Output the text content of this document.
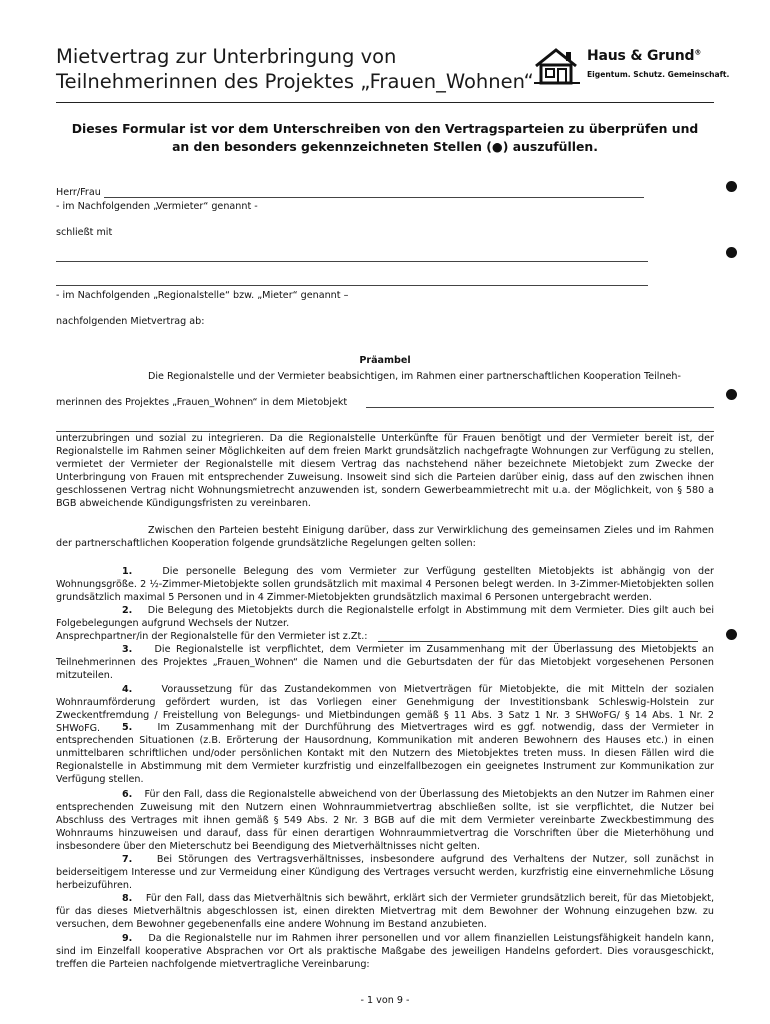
Mietvertrag zur Unterbringung von
Teilnehmerinnen des Projektes „Frauen_Wohnen“
Haus & Grund®
Eigentum. Schutz. Gemeinschaft.
Dieses Formular ist vor dem Unterschreiben von den Vertragsparteien zu überprüfen und
an den besonders gekennzeichneten Stellen (●) auszufüllen.
Herr/Frau
- im Nachfolgenden „Vermieter“ genannt -
schließt mit
- im Nachfolgenden „Regionalstelle“ bzw. „Mieter“ genannt –
nachfolgenden Mietvertrag ab:
Präambel
Die Regionalstelle und der Vermieter beabsichtigen, im Rahmen einer partnerschaftlichen Kooperation Teilneh-
merinnen des Projektes „Frauen_Wohnen“ in dem Mietobjekt
unterzubringen und sozial zu integrieren. Da die Regionalstelle Unterkünfte für Frauen benötigt und der Vermieter bereit ist, der Regionalstelle im Rahmen seiner Möglichkeiten auf dem freien Markt grundsätzlich nachgefragte Wohnungen zur Verfügung zu stellen, vermietet der Vermieter der Regionalstelle mit diesem Vertrag das nachstehend näher bezeichnete Mietobjekt zum Zwecke der Unterbringung von Frauen mit entsprechender Zuweisung. Insoweit sind sich die Parteien darüber einig, dass auf den zwischen ihnen geschlossenen Vertrag nicht Wohnungsmietrecht anzuwenden ist, sondern Gewerbeammietrecht mit u.a. der Möglichkeit, von § 580 a BGB abweichende Kündigungsfristen zu vereinbaren.
Zwischen den Parteien besteht Einigung darüber, dass zur Verwirklichung des gemeinsamen Zieles und im Rahmen der partnerschaftlichen Kooperation folgende grundsätzliche Regelungen gelten sollen:
1.	Die personelle Belegung des vom Vermieter zur Verfügung gestellten Mietobjekts ist abhängig von der Wohnungsgröße. 2 ½-Zimmer-Mietobjekte sollen grundsätzlich mit maximal 4 Personen belegt werden. In 3-Zimmer-Mietobjekten sollen grundsätzlich maximal 5 Personen und in 4 Zimmer-Mietobjekten grundsätzlich maximal 6 Personen untergebracht werden.
2. Die Belegung des Mietobjekts durch die Regionalstelle erfolgt in Abstimmung mit dem Vermieter. Dies gilt auch bei Folgebelegungen aufgrund Wechsels der Nutzer.
Ansprechpartner/in der Regionalstelle für den Vermieter ist z.Zt.:
3. Die Regionalstelle ist verpflichtet, dem Vermieter im Zusammenhang mit der Überlassung des Mietobjekts an Teilnehmerinnen des Projektes „Frauen_Wohnen“ die Namen und die Geburtsdaten der für das Mietobjekt vorgesehenen Personen mitzuteilen.
4.	Voraussetzung für das Zustandekommen von Mietverträgen für Mietobjekte, die mit Mitteln der sozialen Wohnraumförderung gefördert wurden, ist das Vorliegen einer Genehmigung der Investitionsbank Schleswig-Holstein zur Zweckentfremdung / Freistellung von Belegungs- und Mietbindungen gemäß § 11 Abs. 3 Satz 1 Nr. 3 SHWoFG/ § 14 Abs. 1 Nr. 2 SHWoFG.	5.	Im Zusammenhang mit der Durchführung des Mietvertrages wird es ggf. notwendig, dass der Vermieter in entsprechenden Situationen (z.B. Erörterung der Hausordnung, Kommunikation mit anderen Bewohnern des Hauses etc.) in einen unmittelbaren schriftlichen und/oder persönlichen Kontakt mit den Nutzern des Mietobjektes treten muss. In diesen Fällen wird die Regionalstelle in Abstimmung mit dem Vermieter kurzfristig und einzelfallbezogen ein geeignetes Instrument zur Kommunikation zur Verfügung stellen.
6. Für den Fall, dass die Regionalstelle abweichend von der Überlassung des Mietobjekts an den Nutzer im Rahmen einer entsprechenden Zuweisung mit den Nutzern einen Wohnraummietvertrag abschließen sollte, ist sie verpflichtet, die Nutzer bei Abschluss des Vertrages mit ihnen gemäß § 549 Abs. 2 Nr. 3 BGB auf die mit dem Vermieter vereinbarte Zweckbestimmung des Wohnraums hinzuweisen und darauf, dass für einen derartigen Wohnraummietvertrag die Vorschriften über die Mieterhöhung und insbesondere über den Mieterschutz bei Beendigung des Mietverhältnisses nicht gelten.
7.	Bei Störungen des Vertragsverhältnisses, insbesondere aufgrund des Verhaltens der Nutzer, soll zunächst in beiderseitigem Interesse und zur Vermeidung einer Kündigung des Vertrages versucht werden, kurzfristig eine einvernehmliche Lösung herbeizuführen.
8. Für den Fall, dass das Mietverhältnis sich bewährt, erklärt sich der Vermieter grundsätzlich bereit, für das Mietobjekt, für das dieses Mietverhältnis abgeschlossen ist, einen direkten Mietvertrag mit dem Bewohner der Wohnung einzugehen bzw. zu versuchen, dem Bewohner gegebenenfalls eine andere Wohnung im Bestand anzubieten.
9. Da die Regionalstelle nur im Rahmen ihrer personellen und vor allem finanziellen Leistungsfähigkeit handeln kann, sind im Einzelfall kooperative Absprachen vor Ort als praktische Maßgabe des jeweiligen Handelns gefordert. Dies vorausgeschickt, treffen die Parteien nachfolgende mietvertragliche Vereinbarung:
- 1 von 9 -
